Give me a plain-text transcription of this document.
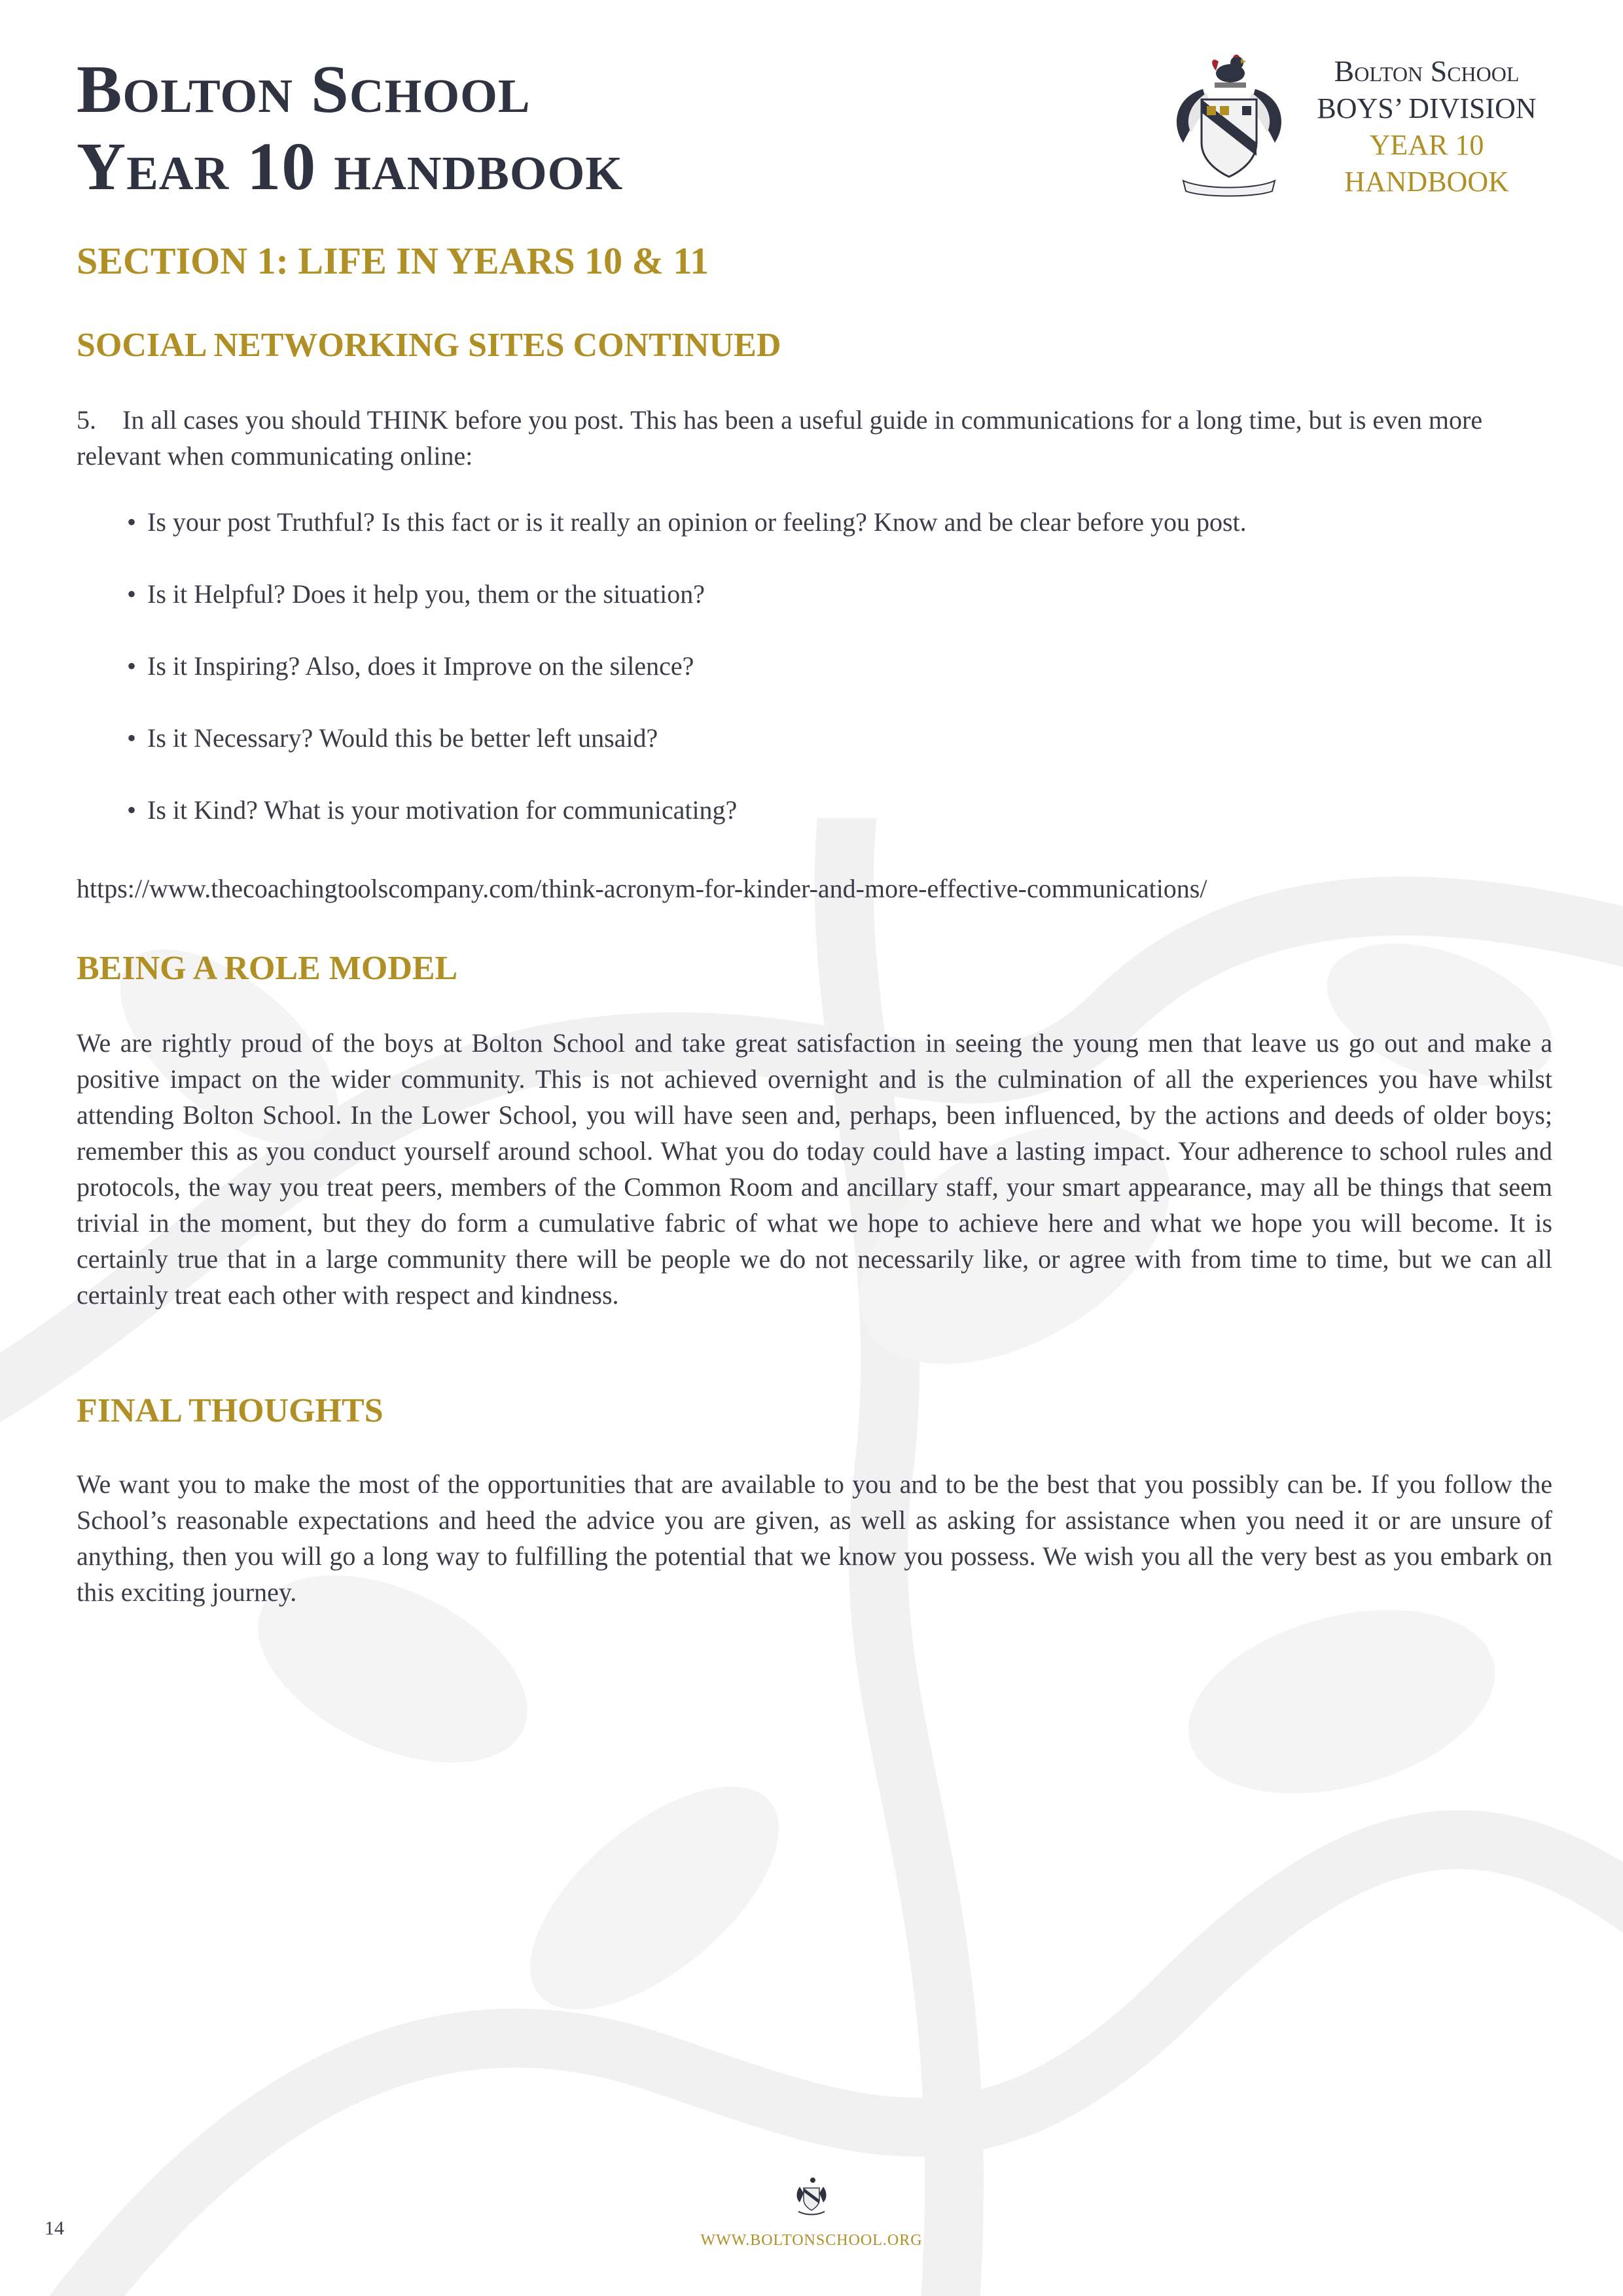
Bolton School
Year 10 handbook
Bolton School
BOYS’ DIVISION
YEAR 10
HANDBOOK
SECTION 1: LIFE IN YEARS 10 & 11
SOCIAL NETWORKING SITES CONTINUED

5. In all cases you should THINK before you post. This has been a useful guide in communications for a long time, but is even more relevant when communicating online:

• Is your post Truthful? Is this fact or is it really an opinion or feeling? Know and be clear before you post.
• Is it Helpful? Does it help you, them or the situation?
• Is it Inspiring? Also, does it Improve on the silence?
• Is it Necessary? Would this be better left unsaid?
• Is it Kind? What is your motivation for communicating?

https://www.thecoachingtoolscompany.com/think-acronym-for-kinder-and-more-effective-communications/

BEING A ROLE MODEL

We are rightly proud of the boys at Bolton School and take great satisfaction in seeing the young men that leave us go out and make a positive impact on the wider community. This is not achieved overnight and is the culmination of all the experiences you have whilst attending Bolton School. In the Lower School, you will have seen and, perhaps, been influenced, by the actions and deeds of older boys; remember this as you conduct yourself around school. What you do today could have a lasting impact. Your adherence to school rules and protocols, the way you treat peers, members of the Common Room and ancillary staff, your smart appearance, may all be things that seem trivial in the moment, but they do form a cumulative fabric of what we hope to achieve here and what we hope you will become. It is certainly true that in a large community there will be people we do not necessarily like, or agree with from time to time, but we can all certainly treat each other with respect and kindness.

FINAL THOUGHTS

We want you to make the most of the opportunities that are available to you and to be the best that you possibly can be. If you follow the School’s reasonable expectations and heed the advice you are given, as well as asking for assistance when you need it or are unsure of anything, then you will go a long way to fulfilling the potential that we know you possess. We wish you all the very best as you embark on this exciting journey.

WWW.BOLTONSCHOOL.ORG
14
